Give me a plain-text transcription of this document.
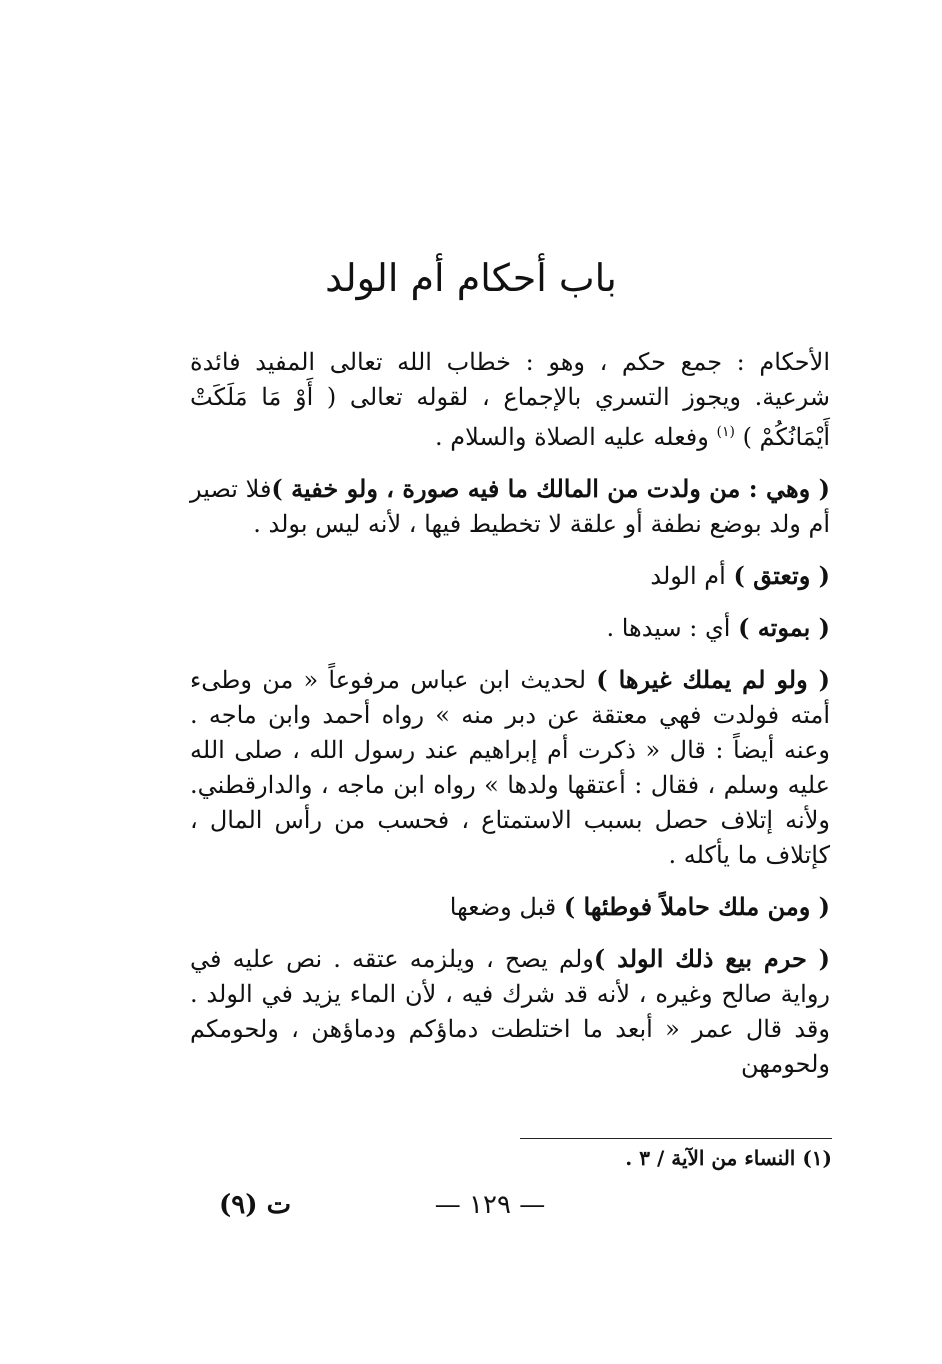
باب أحكام أم الولد

الأحكام : جمع حكم ، وهو : خطاب الله تعالى المفيد فائدة شرعية. ويجوز التسري بالإجماع ، لقوله تعالى ( أَوْ مَا مَلَكَتْ أَيْمَانُكُمْ ) $^{(١)}$ وفعله عليه الصلاة والسلام .

( وهي : من ولدت من المالك ما فيه صورة ، ولو خفية )فلا تصير أم ولد بوضع نطفة أو علقة لا تخطيط فيها ، لأنه ليس بولد .

( وتعتق ) أم الولد

( بموته ) أي : سيدها .

( ولو لم يملك غيرها ) لحديث ابن عباس مرفوعاً « من وطىء أمته فولدت فهي معتقة عن دبر منه » رواه أحمد وابن ماجه . وعنه أيضاً : قال « ذكرت أم إبراهيم عند رسول الله ، صلى الله عليه وسلم ، فقال : أعتقها ولدها » رواه ابن ماجه ، والدارقطني. ولأنه إتلاف حصل بسبب الاستمتاع ، فحسب من رأس المال ، كإتلاف ما يأكله .

( ومن ملك حاملاً فوطئها ) قبل وضعها

( حرم بيع ذلك الولد )ولم يصح ، ويلزمه عتقه . نص عليه في رواية صالح وغيره ، لأنه قد شرك فيه ، لأن الماء يزيد في الولد . وقد قال عمر « أبعد ما اختلطت دماؤكم ودماؤهن ، ولحومكم ولحومهن

(١) النساء من الآية / ٣ .
— ١٢٩ —
ت (٩)
